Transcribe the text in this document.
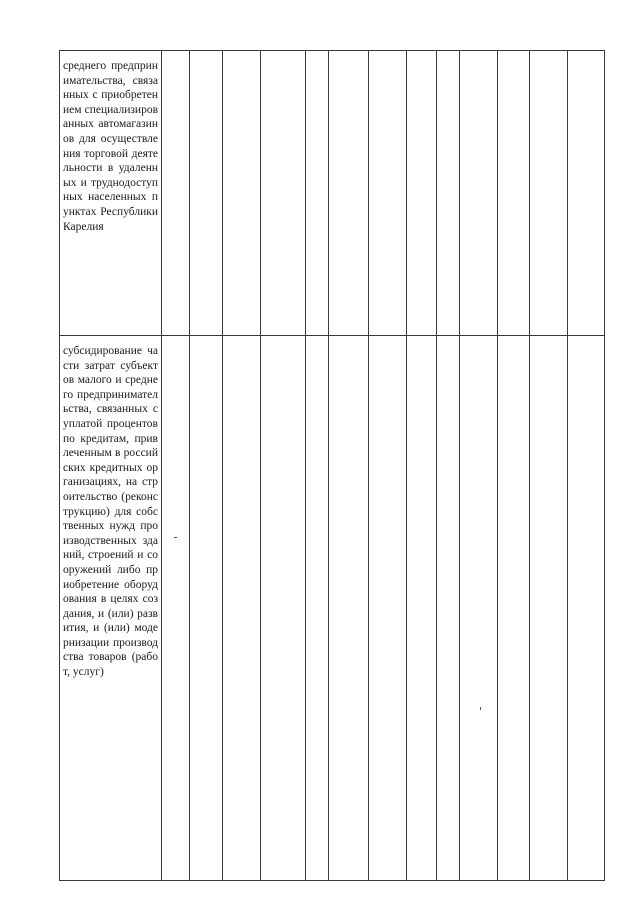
среднего предпринимательства, связанных с приобретением специализированных автомагазинов для осуществления торговой деятельности в удаленных и труднодоступных населенных пунктах Республики Карелия													
субсидирование части затрат субъектов малого и среднего предпринимательства, связанных с уплатой процентов по кредитам, привлеченным в российских кредитных организациях, на строительство (реконструкцию) для собственных нужд производственных зданий, строений и сооружений либо приобретение оборудования в целях создания, и (или) развития, и (или) модернизации производства товаров (работ, услуг)													
